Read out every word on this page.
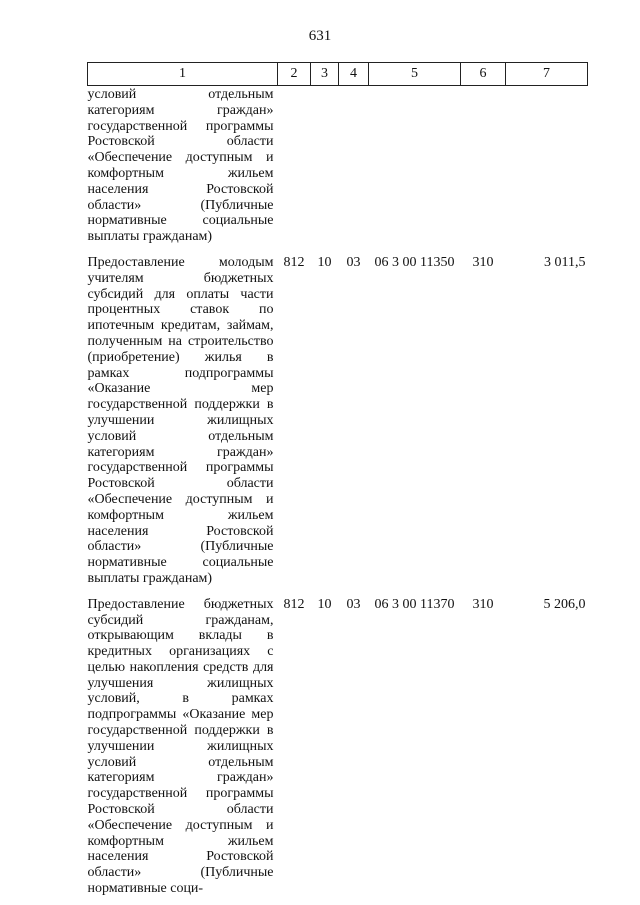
631
1	2	3	4	5	6	7
условий отдельным категориям граждан» государственной программы Ростовской области «Обеспечение доступным и комфортным жильем населения Ростовской области» (Публичные нормативные социальные выплаты гражданам)						
Предоставление молодым учителям бюджетных субсидий для оплаты части процентных ставок по ипотечным кредитам, займам, полученным на строительство (приобретение) жилья в рамках подпрограммы «Оказание мер государственной поддержки в улучшении жилищных условий отдельным категориям граждан» государственной программы Ростовской области «Обеспечение доступным и комфортным жильем населения Ростовской области» (Публичные нормативные социальные выплаты гражданам)	812	10	03	06 3 00 11350	310	3 011,5
Предоставление бюджетных субсидий гражданам, открывающим вклады в кредитных организациях с целью накопления средств для улучшения жилищных условий, в рамках подпрограммы «Оказание мер государственной поддержки в улучшении жилищных условий отдельным категориям граждан» государственной программы Ростовской области «Обеспечение доступным и комфортным жильем населения Ростовской области» (Публичные нормативные соци-	812	10	03	06 3 00 11370	310	5 206,0
